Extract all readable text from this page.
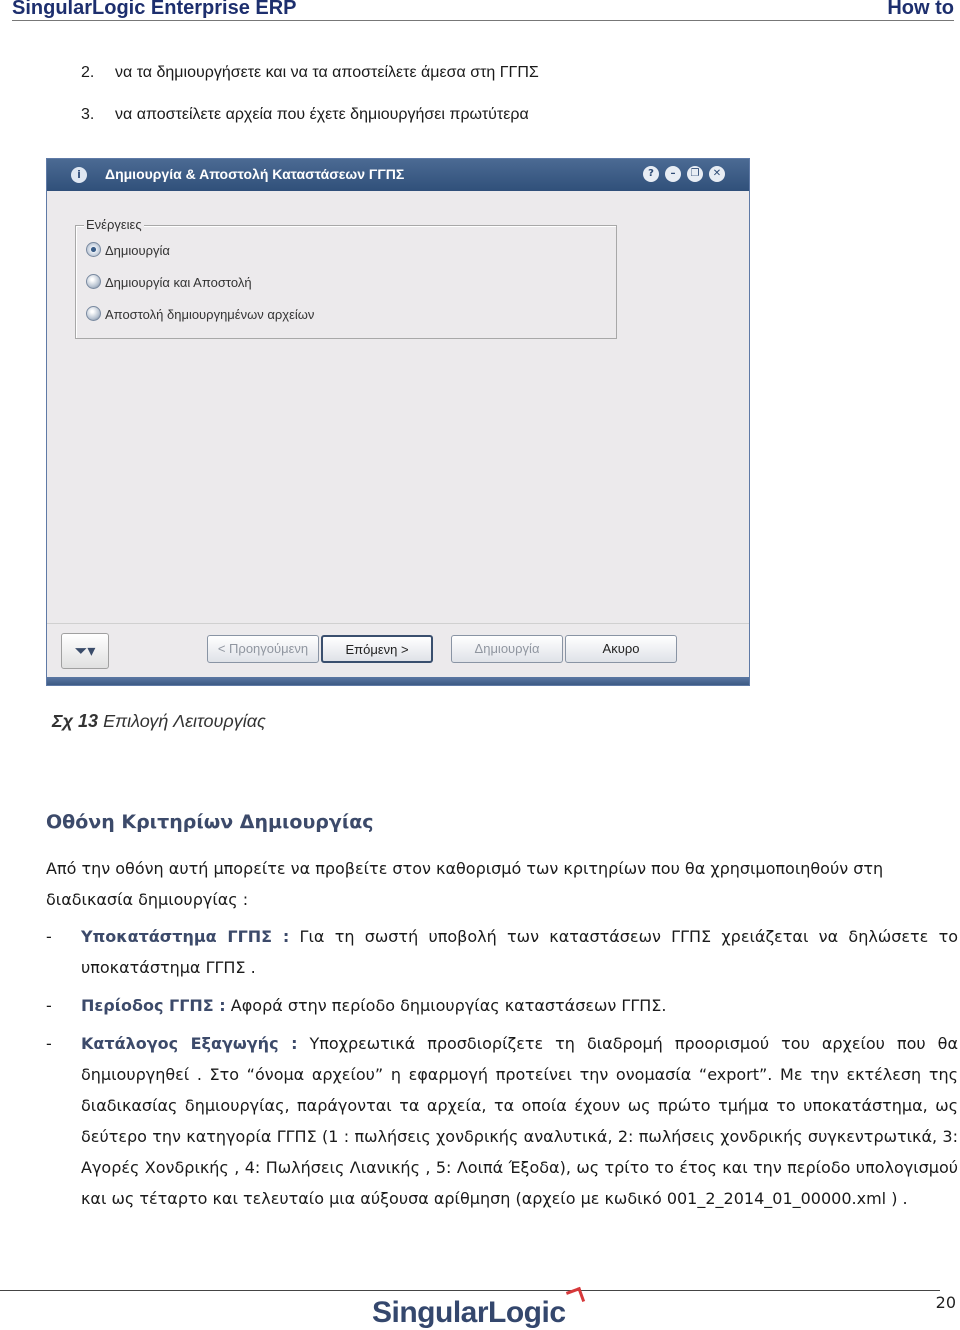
SingularLogic Enterprise ERP	How to
2. να τα δημιουργήσετε και να τα αποστείλετε άμεσα στη ΓΓΠΣ
3. να αποστείλετε αρχεία που έχετε δημιουργήσει πρωτύτερα
i	Δημιουργία & Αποστολή Καταστάσεων ΓΓΠΣ	?	–	❐	✕
Ενέργειες
Δημιουργία
Δημιουργία και Αποστολή
Αποστολή δημιουργημένων αρχείων
⏷▾	< Προηγούμενη	Επόμενη >	Δημιουργία	Ακυρο
Σχ 13 Επιλογή Λειτουργίας
Οθόνη Κριτηρίων Δημιουργίας
Από την οθόνη αυτή μπορείτε να προβείτε στον καθορισμό των κριτηρίων που θα χρησιμοποιηθούν στη διαδικασία δημιουργίας :
- Υποκατάστημα ΓΓΠΣ : Για τη σωστή υποβολή των καταστάσεων ΓΓΠΣ χρειάζεται να δηλώσετε το υποκατάστημα ΓΓΠΣ .
- Περίοδος ΓΓΠΣ : Αφορά στην περίοδο δημιουργίας καταστάσεων ΓΓΠΣ.
- Κατάλογος Εξαγωγής : Υποχρεωτικά προσδιορίζετε τη διαδρομή προορισμού του αρχείου που θα δημιουργηθεί . Στο “όνομα αρχείου” η εφαρμογή προτείνει την ονομασία “export”. Με την εκτέλεση της διαδικασίας δημιουργίας, παράγονται τα αρχεία, τα οποία έχουν ως πρώτο τμήμα το υποκατάστημα, ως δεύτερο την κατηγορία ΓΓΠΣ (1 : πωλήσεις χονδρικής αναλυτικά, 2: πωλήσεις χονδρικής συγκεντρωτικά, 3: Αγορές Χονδρικής , 4: Πωλήσεις Λιανικής , 5: Λοιπά Έξοδα), ως τρίτο το έτος και την περίοδο υπολογισμού και ως τέταρτο και τελευταίο μια αύξουσα αρίθμηση (αρχείο με κωδικό 001_2_2014_01_00000.xml ) .
SingularLogic	20
